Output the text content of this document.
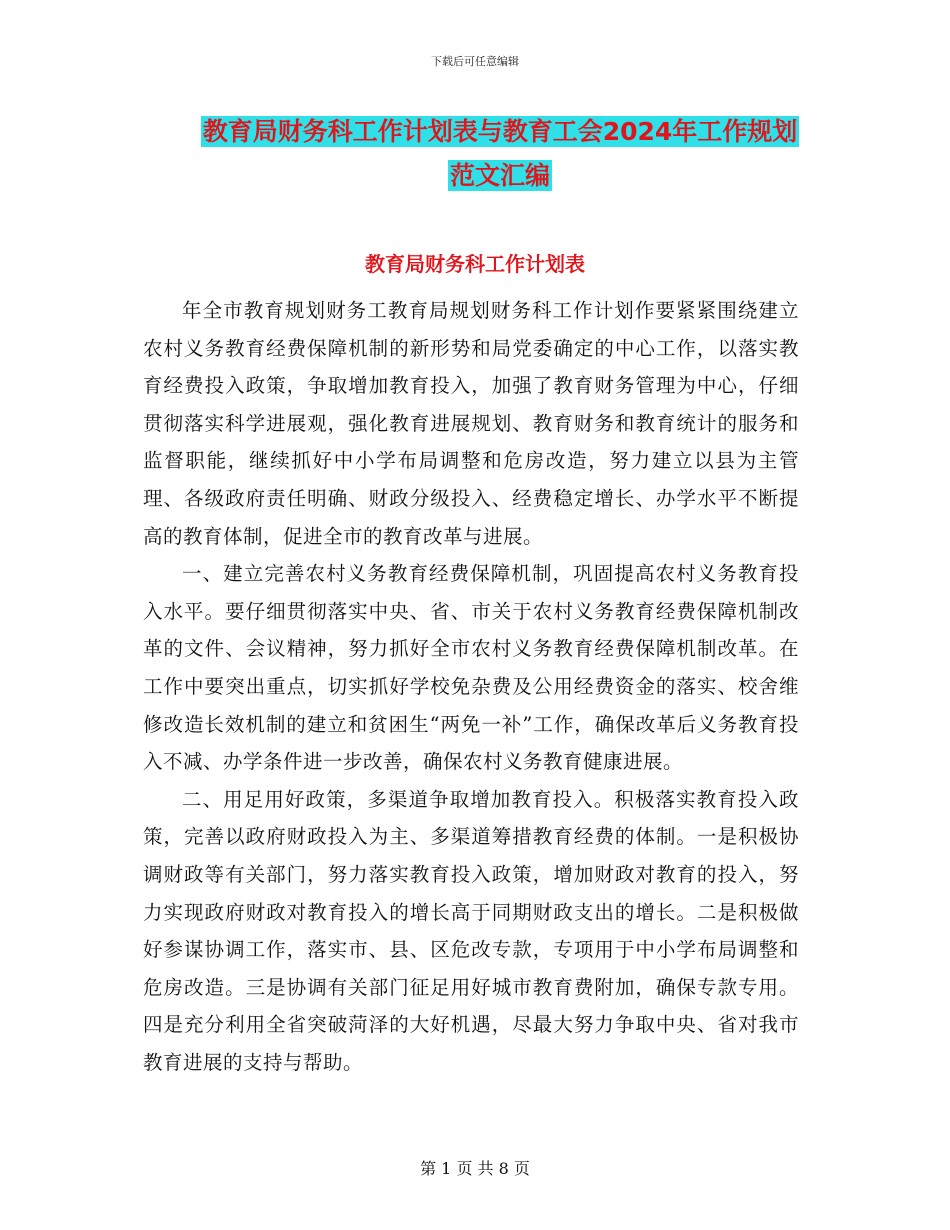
下载后可任意编辑
教育局财务科工作计划表与教育工会2024年工作规划
范文汇编
教育局财务科工作计划表

年全市教育规划财务工教育局规划财务科工作计划作要紧紧围绕建立农村义务教育经费保障机制的新形势和局党委确定的中心工作，以落实教育经费投入政策，争取增加教育投入，加强了教育财务管理为中心，仔细贯彻落实科学进展观，强化教育进展规划、教育财务和教育统计的服务和监督职能，继续抓好中小学布局调整和危房改造，努力建立以县为主管理、各级政府责任明确、财政分级投入、经费稳定增长、办学水平不断提高的教育体制，促进全市的教育改革与进展。

一、建立完善农村义务教育经费保障机制，巩固提高农村义务教育投入水平。要仔细贯彻落实中央、省、市关于农村义务教育经费保障机制改革的文件、会议精神，努力抓好全市农村义务教育经费保障机制改革。在工作中要突出重点，切实抓好学校免杂费及公用经费资金的落实、校舍维修改造长效机制的建立和贫困生“两免一补”工作，确保改革后义务教育投入不减、办学条件进一步改善，确保农村义务教育健康进展。

二、用足用好政策，多渠道争取增加教育投入。积极落实教育投入政策，完善以政府财政投入为主、多渠道筹措教育经费的体制。一是积极协调财政等有关部门，努力落实教育投入政策，增加财政对教育的投入，努力实现政府财政对教育投入的增长高于同期财政支出的增长。二是积极做好参谋协调工作，落实市、县、区危改专款，专项用于中小学布局调整和危房改造。三是协调有关部门征足用好城市教育费附加，确保专款专用。四是充分利用全省突破菏泽的大好机遇，尽最大努力争取中央、省对我市教育进展的支持与帮助。

第 1 页 共 8 页
